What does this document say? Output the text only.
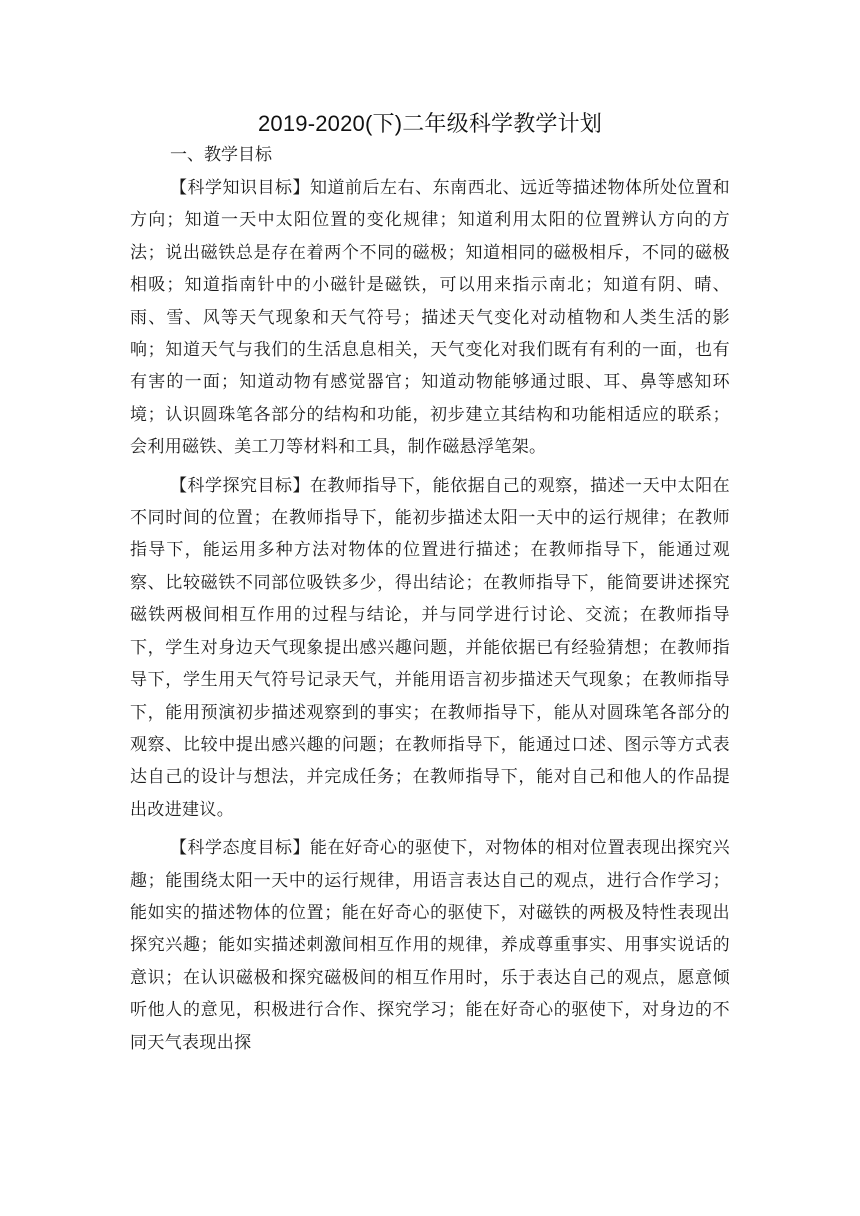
2019-2020(下)二年级科学教学计划

一、教学目标

【科学知识目标】知道前后左右、东南西北、远近等描述物体所处位置和方向；知道一天中太阳位置的变化规律；知道利用太阳的位置辨认方向的方法；说出磁铁总是存在着两个不同的磁极；知道相同的磁极相斥，不同的磁极相吸；知道指南针中的小磁针是磁铁，可以用来指示南北；知道有阴、晴、雨、雪、风等天气现象和天气符号；描述天气变化对动植物和人类生活的影响；知道天气与我们的生活息息相关，天气变化对我们既有有利的一面，也有有害的一面；知道动物有感觉器官；知道动物能够通过眼、耳、鼻等感知环境；认识圆珠笔各部分的结构和功能，初步建立其结构和功能相适应的联系；会利用磁铁、美工刀等材料和工具，制作磁悬浮笔架。

【科学探究目标】在教师指导下，能依据自己的观察，描述一天中太阳在不同时间的位置；在教师指导下，能初步描述太阳一天中的运行规律；在教师指导下，能运用多种方法对物体的位置进行描述；在教师指导下，能通过观察、比较磁铁不同部位吸铁多少，得出结论；在教师指导下，能简要讲述探究磁铁两极间相互作用的过程与结论，并与同学进行讨论、交流；在教师指导下，学生对身边天气现象提出感兴趣问题，并能依据已有经验猜想；在教师指导下，学生用天气符号记录天气，并能用语言初步描述天气现象；在教师指导下，能用预演初步描述观察到的事实；在教师指导下，能从对圆珠笔各部分的观察、比较中提出感兴趣的问题；在教师指导下，能通过口述、图示等方式表达自己的设计与想法，并完成任务；在教师指导下，能对自己和他人的作品提出改进建议。

【科学态度目标】能在好奇心的驱使下，对物体的相对位置表现出探究兴趣；能围绕太阳一天中的运行规律，用语言表达自己的观点，进行合作学习；能如实的描述物体的位置；能在好奇心的驱使下，对磁铁的两极及特性表现出探究兴趣；能如实描述刺激间相互作用的规律，养成尊重事实、用事实说话的意识；在认识磁极和探究磁极间的相互作用时，乐于表达自己的观点，愿意倾听他人的意见，积极进行合作、探究学习；能在好奇心的驱使下，对身边的不同天气表现出探
